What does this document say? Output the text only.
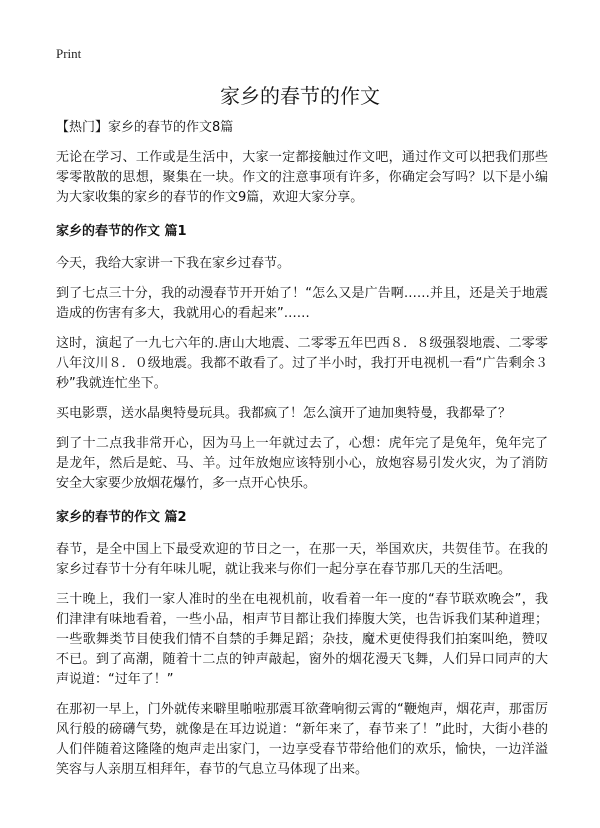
Print
家乡的春节的作文
【热门】家乡的春节的作文8篇

无论在学习、工作或是生活中，大家一定都接触过作文吧，通过作文可以把我们那些零零散散的思想，聚集在一块。作文的注意事项有许多，你确定会写吗？以下是小编为大家收集的家乡的春节的作文9篇，欢迎大家分享。

家乡的春节的作文 篇1

今天，我给大家讲一下我在家乡过春节。

到了七点三十分，我的动漫春节开开始了！“怎么又是广告啊……并且，还是关于地震造成的伤害有多大，我就用心的看起来”……

这时，演起了一九七六年的.唐山大地震、二零零五年巴西８．８级强裂地震、二零零八年汶川８．０级地震。我都不敢看了。过了半小时，我打开电视机一看“广告剩余３秒”我就连忙坐下。

买电影票，送水晶奥特曼玩具。我都疯了！怎么演开了迪加奥特曼，我都晕了？

到了十二点我非常开心，因为马上一年就过去了，心想：虎年完了是兔年，兔年完了是龙年，然后是蛇、马、羊。过年放炮应该特别小心，放炮容易引发火灾，为了消防安全大家要少放烟花爆竹，多一点开心快乐。

家乡的春节的作文 篇2

春节，是全中国上下最受欢迎的节日之一，在那一天，举国欢庆，共贺佳节。在我的家乡过春节十分有年味儿呢，就让我来与你们一起分享在春节那几天的生活吧。

三十晚上，我们一家人准时的坐在电视机前，收看着一年一度的“春节联欢晚会”，我们津津有味地看着，一些小品，相声节目都让我们捧腹大笑，也告诉我们某种道理；一些歌舞类节目使我们情不自禁的手舞足蹈；杂技，魔术更使得我们拍案叫绝，赞叹不已。到了高潮，随着十二点的钟声敲起，窗外的烟花漫天飞舞，人们异口同声的大声说道：“过年了！”

在那初一早上，门外就传来噼里啪啦那震耳欲聋响彻云霄的“鞭炮声，烟花声，那雷厉风行般的磅礴气势，就像是在耳边说道：“新年来了，春节来了！”此时，大街小巷的人们伴随着这隆隆的炮声走出家门，一边享受春节带给他们的欢乐，愉快，一边洋溢笑容与人亲朋互相拜年，春节的气息立马体现了出来。
